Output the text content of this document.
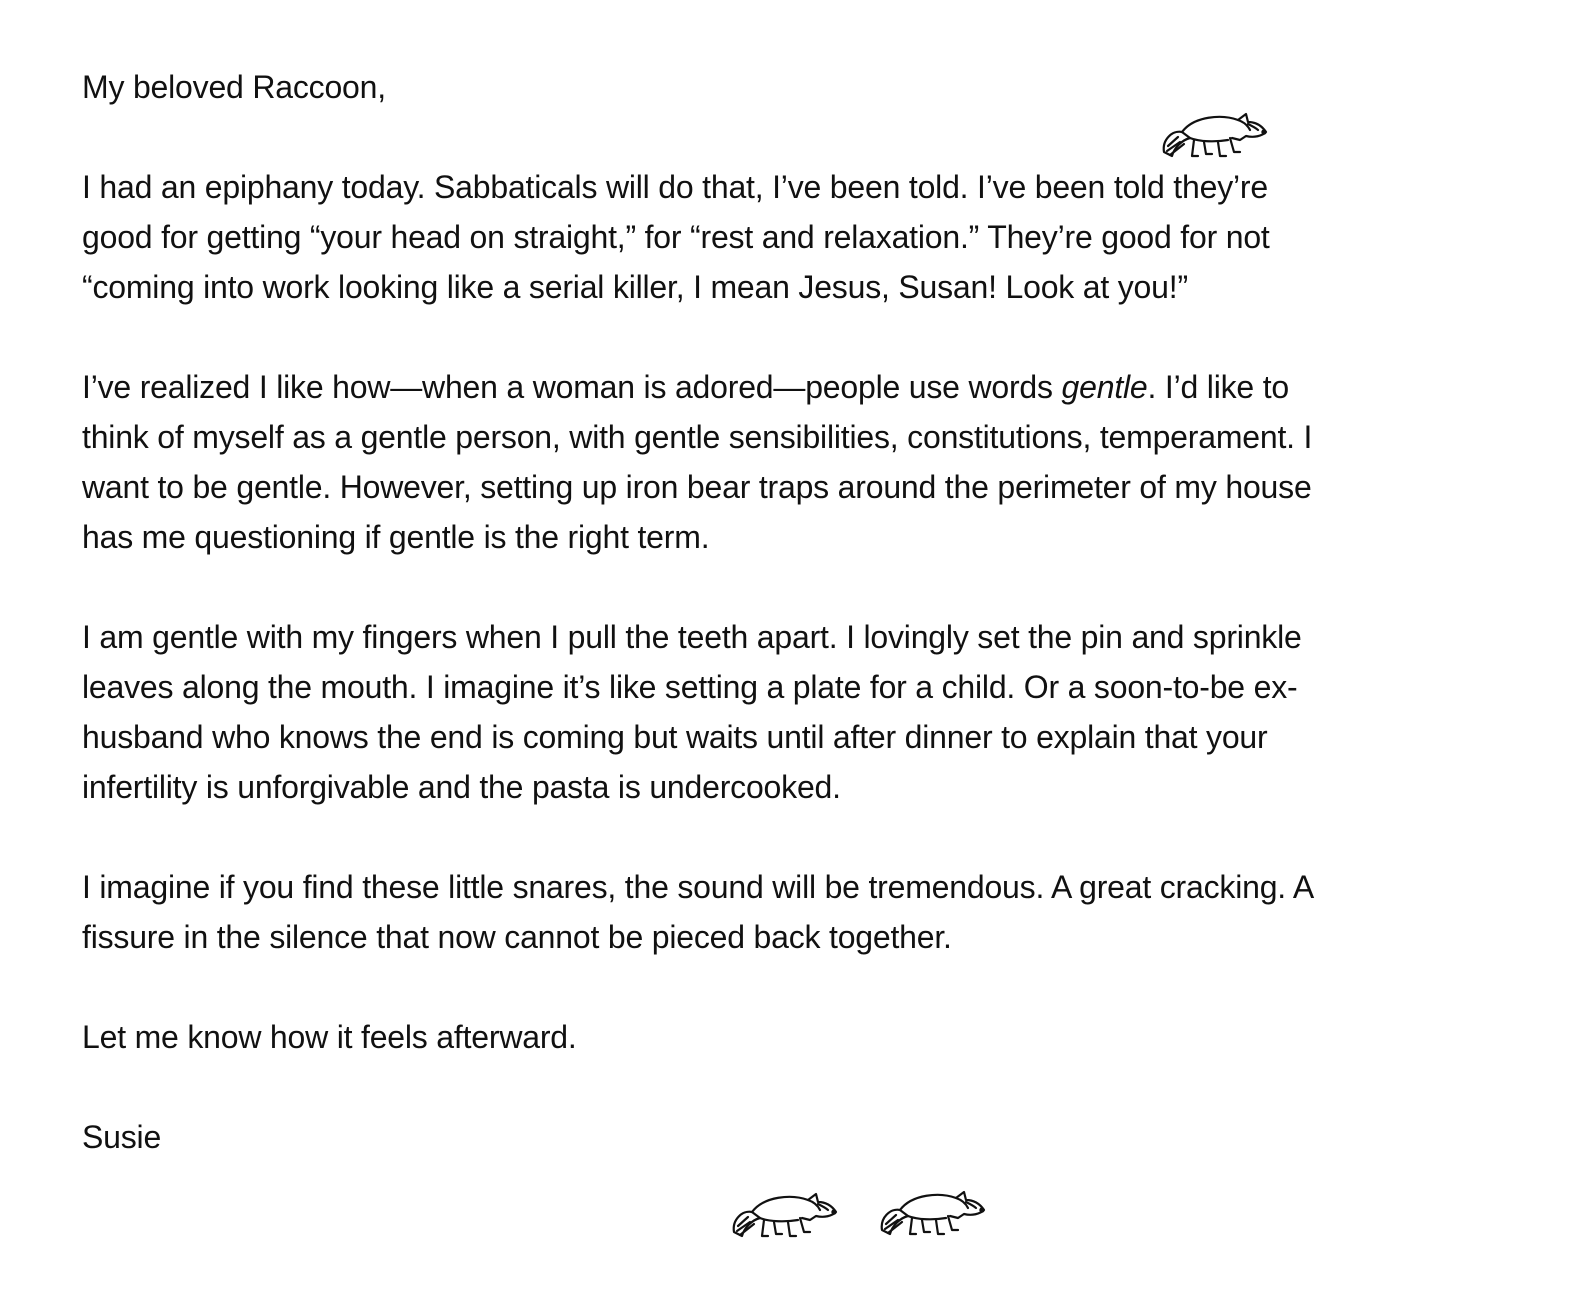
My beloved Raccoon,
I had an epiphany today. Sabbaticals will do that, I’ve been told. I’ve been told they’re
good for getting “your head on straight,” for “rest and relaxation.” They’re good for not
“coming into work looking like a serial killer, I mean Jesus, Susan! Look at you!”
I’ve realized I like how—when a woman is adored—people use words gentle. I’d like to
think of myself as a gentle person, with gentle sensibilities, constitutions, temperament. I
want to be gentle. However, setting up iron bear traps around the perimeter of my house
has me questioning if gentle is the right term.
I am gentle with my fingers when I pull the teeth apart. I lovingly set the pin and sprinkle
leaves along the mouth. I imagine it’s like setting a plate for a child. Or a soon-to-be ex-
husband who knows the end is coming but waits until after dinner to explain that your
infertility is unforgivable and the pasta is undercooked.
I imagine if you find these little snares, the sound will be tremendous. A great cracking. A
fissure in the silence that now cannot be pieced back together.
Let me know how it feels afterward.
Susie
